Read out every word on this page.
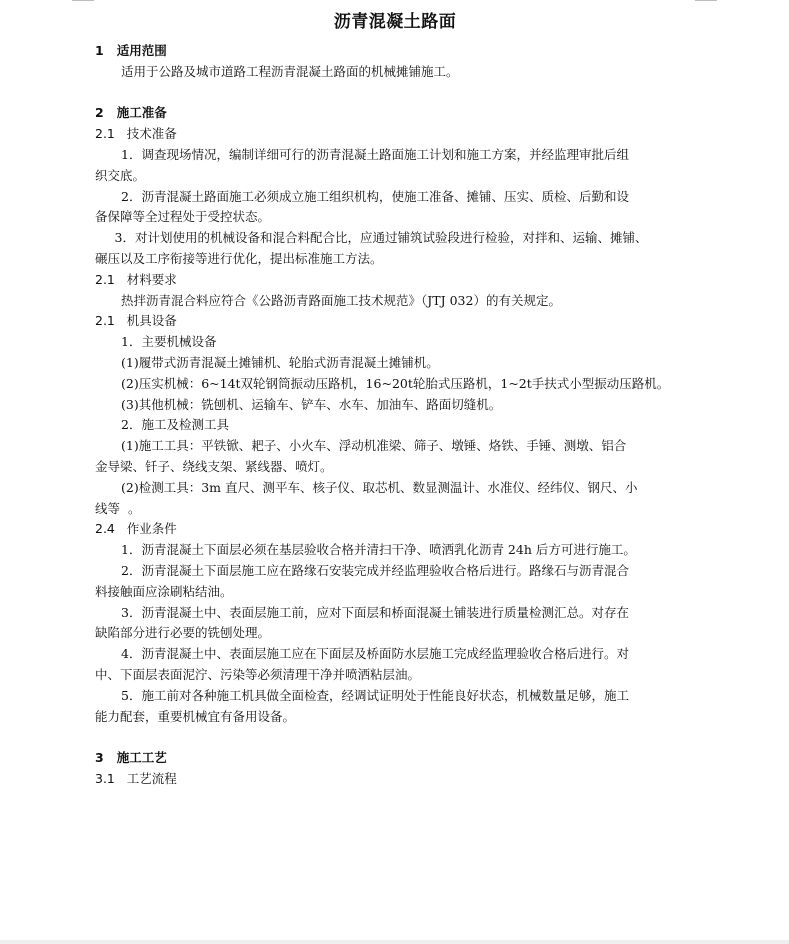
沥青混凝土路面
1   适用范围
适用于公路及城市道路工程沥青混凝土路面的机械摊铺施工。
2   施工准备
2.1   技术准备
1．调查现场情况，编制详细可行的沥青混凝土路面施工计划和施工方案，并经监理审批后组
织交底。
2．沥青混凝土路面施工必须成立施工组织机构，使施工准备、摊铺、压实、质检、后勤和设
备保障等全过程处于受控状态。
3．对计划使用的机械设备和混合料配合比，应通过铺筑试验段进行检验，对拌和、运输、摊铺、
碾压以及工序衔接等进行优化，提出标准施工方法。
2.1   材料要求
热拌沥青混合料应符合《公路沥青路面施工技术规范》（JTJ 032）的有关规定。
2.1   机具设备
1．主要机械设备
(1)履带式沥青混凝土摊铺机、轮胎式沥青混凝土摊铺机。
(2)压实机械：6~14t双轮钢筒振动压路机，16~20t轮胎式压路机，1~2t手扶式小型振动压路机。
(3)其他机械：铣刨机、运输车、铲车、水车、加油车、路面切缝机。
2．施工及检测工具
(1)施工工具：平铁锨、耙子、小火车、浮动机准梁、筛子、墩锤、烙铁、手锤、测墩、铝合
金导梁、钎子、绕线支架、紧线器、喷灯。
(2)检测工具：3m 直尺、测平车、核子仪、取芯机、数显测温计、水准仪、经纬仪、钢尺、小
线等  。
2.4   作业条件
1．沥青混凝土下面层必须在基层验收合格并清扫干净、喷洒乳化沥青 24h 后方可进行施工。
2．沥青混凝土下面层施工应在路缘石安装完成并经监理验收合格后进行。路缘石与沥青混合
料接触面应涂刷粘结油。
3．沥青混凝土中、表面层施工前，应对下面层和桥面混凝土铺装进行质量检测汇总。对存在
缺陷部分进行必要的铣刨处理。
4．沥青混凝土中、表面层施工应在下面层及桥面防水层施工完成经监理验收合格后进行。对
中、下面层表面泥泞、污染等必须清理干净并喷洒粘层油。
5．施工前对各种施工机具做全面检查，经调试证明处于性能良好状态，机械数量足够，施工
能力配套，重要机械宜有备用设备。
3   施工工艺
3.1   工艺流程
